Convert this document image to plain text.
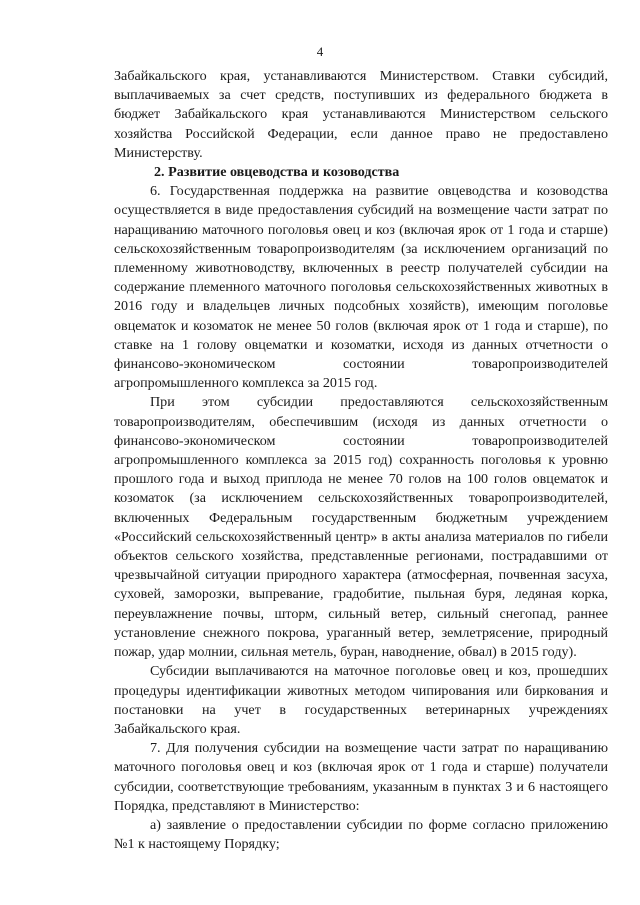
4

Забайкальского края, устанавливаются Министерством. Ставки субсидий, выплачиваемых за счет средств, поступивших из федерального бюджета в бюджет Забайкальского края устанавливаются Министерством сельского хозяйства Российской Федерации, если данное право не предоставлено Министерству.

2. Развитие овцеводства и козоводства

6. Государственная поддержка на развитие овцеводства и козоводства осуществляется в виде предоставления субсидий на возмещение части затрат по наращиванию маточного поголовья овец и коз (включая ярок от 1 года и старше) сельскохозяйственным товаропроизводителям (за исключением организаций по племенному животноводству, включенных в реестр получателей субсидии на содержание племенного маточного поголовья сельскохозяйственных животных в 2016 году и владельцев личных подсобных хозяйств), имеющим поголовье овцематок и козоматок не менее 50 голов (включая ярок от 1 года и старше), по ставке на 1 голову овцематки и козоматки, исходя из данных отчетности о финансово-экономическом состоянии товаропроизводителей агропромышленного комплекса за 2015 год.

При этом субсидии предоставляются сельскохозяйственным товаропроизводителям, обеспечившим (исходя из данных отчетности о финансово-экономическом состоянии товаропроизводителей агропромышленного комплекса за 2015 год) сохранность поголовья к уровню прошлого года и выход приплода не менее 70 голов на 100 голов овцематок и козоматок (за исключением сельскохозяйственных товаропроизводителей, включенных Федеральным государственным бюджетным учреждением «Российский сельскохозяйственный центр» в акты анализа материалов по гибели объектов сельского хозяйства, представленные регионами, пострадавшими от чрезвычайной ситуации природного характера (атмосферная, почвенная засуха, суховей, заморозки, выпревание, градобитие, пыльная буря, ледяная корка, переувлажнение почвы, шторм, сильный ветер, сильный снегопад, раннее установление снежного покрова, ураганный ветер, землетрясение, природный пожар, удар молнии, сильная метель, буран, наводнение, обвал) в 2015 году).

Субсидии выплачиваются на маточное поголовье овец и коз, прошедших процедуры идентификации животных методом чипирования или биркования и постановки на учет в государственных ветеринарных учреждениях Забайкальского края.

7. Для получения субсидии на возмещение части затрат по наращиванию маточного поголовья овец и коз (включая ярок от 1 года и старше) получатели субсидии, соответствующие требованиям, указанным в пунктах 3 и 6 настоящего Порядка, представляют в Министерство:

а) заявление о предоставлении субсидии по форме согласно приложению №1 к настоящему Порядку;
